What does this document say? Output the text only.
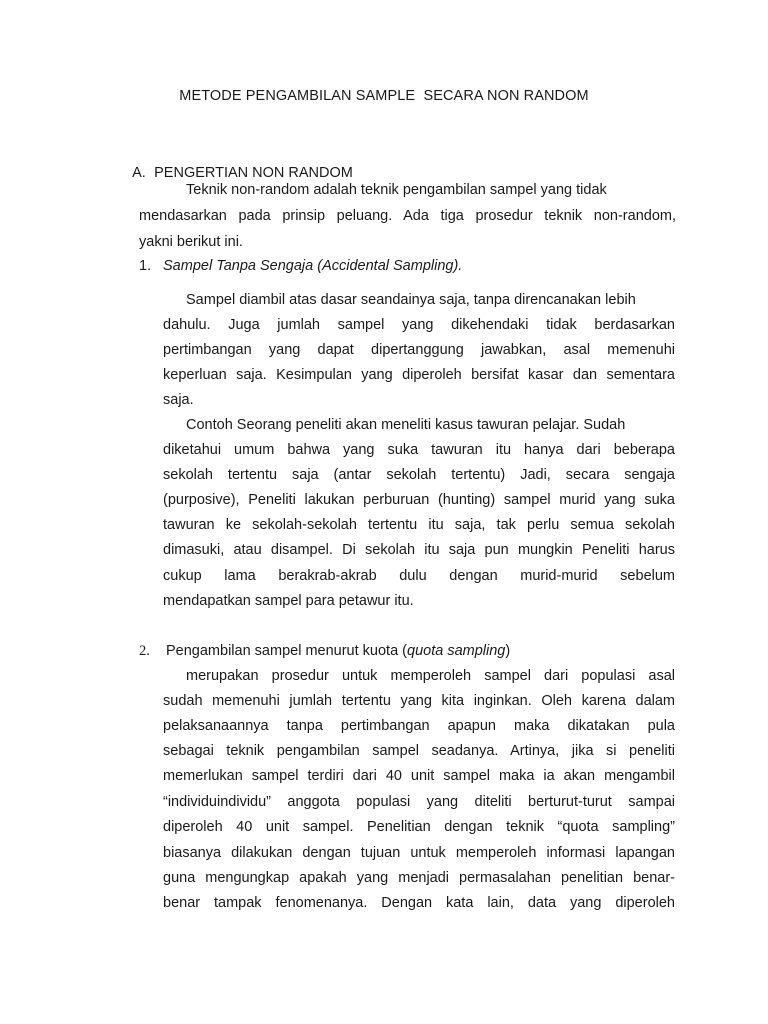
METODE PENGAMBILAN SAMPLE  SECARA NON RANDOM

A. PENGERTIAN NON RANDOM

Teknik non-random adalah teknik pengambilan sampel yang tidak
mendasarkan pada prinsip peluang. Ada tiga prosedur teknik non-random,
yakni berikut ini.
1. Sampel Tanpa Sengaja (Accidental Sampling).
Sampel diambil atas dasar seandainya saja, tanpa direncanakan lebih
dahulu. Juga jumlah sampel yang dikehendaki tidak berdasarkan
pertimbangan yang dapat dipertanggung jawabkan, asal memenuhi
keperluan saja. Kesimpulan yang diperoleh bersifat kasar dan sementara
saja.
Contoh Seorang peneliti akan meneliti kasus tawuran pelajar. Sudah
diketahui umum bahwa yang suka tawuran itu hanya dari beberapa
sekolah tertentu saja (antar sekolah tertentu) Jadi, secara sengaja
(purposive), Peneliti lakukan perburuan (hunting) sampel murid yang suka
tawuran ke sekolah-sekolah tertentu itu saja, tak perlu semua sekolah
dimasuki, atau disampel. Di sekolah itu saja pun mungkin Peneliti harus
cukup lama berakrab-akrab dulu dengan murid-murid sebelum
mendapatkan sampel para petawur itu.
2. Pengambilan sampel menurut kuota (quota sampling)
merupakan prosedur untuk memperoleh sampel dari populasi asal
sudah memenuhi jumlah tertentu yang kita inginkan. Oleh karena dalam
pelaksanaannya tanpa pertimbangan apapun maka dikatakan pula
sebagai teknik pengambilan sampel seadanya. Artinya, jika si peneliti
memerlukan sampel terdiri dari 40 unit sampel maka ia akan mengambil
“individuindividu” anggota populasi yang diteliti berturut-turut sampai
diperoleh 40 unit sampel. Penelitian dengan teknik “quota sampling”
biasanya dilakukan dengan tujuan untuk memperoleh informasi lapangan
guna mengungkap apakah yang menjadi permasalahan penelitian benar-
benar tampak fenomenanya. Dengan kata lain, data yang diperoleh
